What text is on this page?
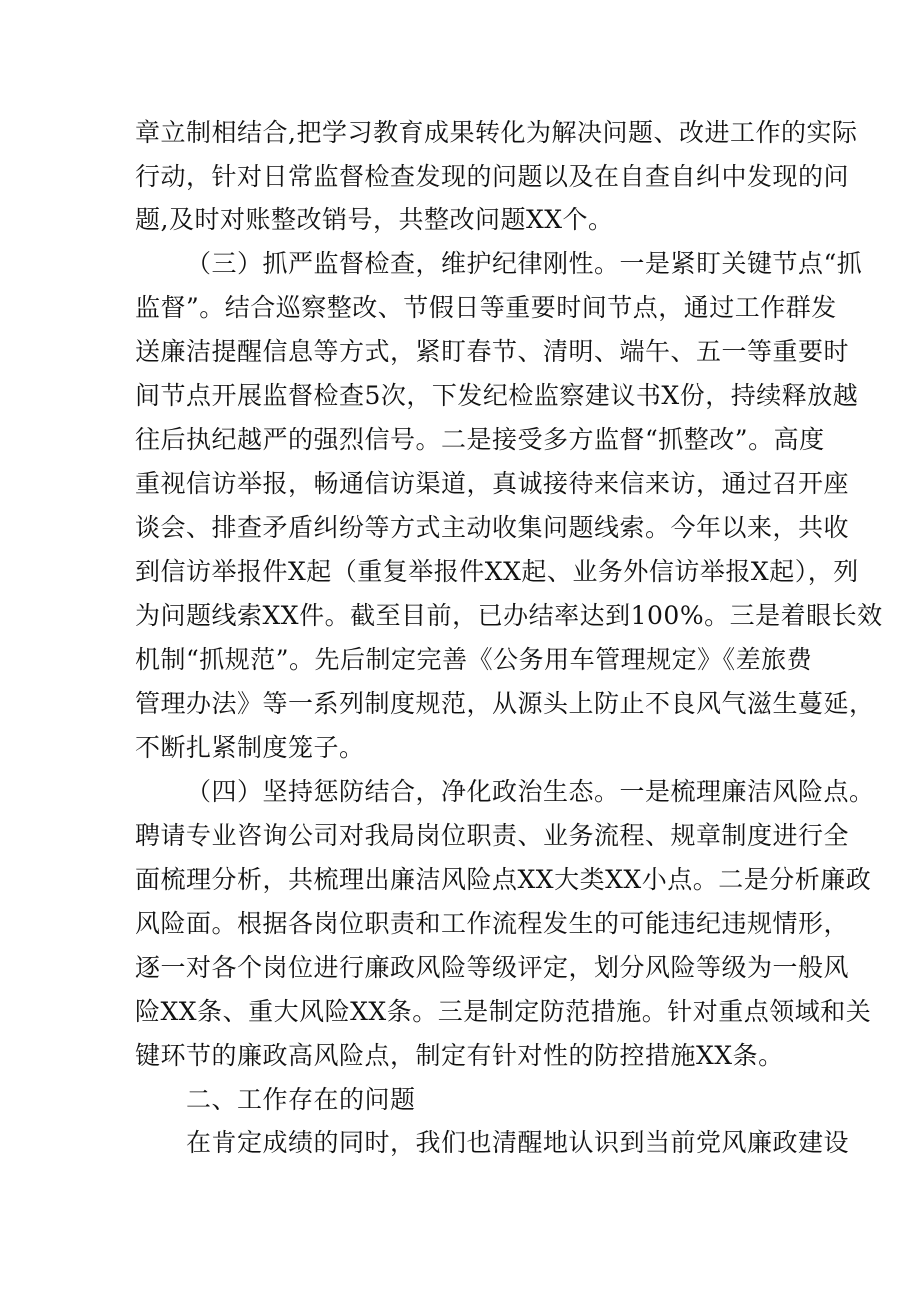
章立制相结合,把学习教育成果转化为解决问题、改进工作的实际
行动，针对日常监督检查发现的问题以及在自查自纠中发现的问
题,及时对账整改销号，共整改问题XX个。
（三）抓严监督检查，维护纪律刚性。一是紧盯关键节点“抓
监督”。结合巡察整改、节假日等重要时间节点，通过工作群发
送廉洁提醒信息等方式，紧盯春节、清明、端午、五一等重要时
间节点开展监督检查5次，下发纪检监察建议书X份，持续释放越
往后执纪越严的强烈信号。二是接受多方监督“抓整改”。高度
重视信访举报，畅通信访渠道，真诚接待来信来访，通过召开座
谈会、排查矛盾纠纷等方式主动收集问题线索。今年以来，共收
到信访举报件X起（重复举报件XX起、业务外信访举报X起），列
为问题线索XX件。截至目前，已办结率达到100%。三是着眼长效
机制“抓规范”。先后制定完善《公务用车管理规定》《差旅费
管理办法》等一系列制度规范，从源头上防止不良风气滋生蔓延，
不断扎紧制度笼子。
（四）坚持惩防结合，净化政治生态。一是梳理廉洁风险点。
聘请专业咨询公司对我局岗位职责、业务流程、规章制度进行全
面梳理分析，共梳理出廉洁风险点XX大类XX小点。二是分析廉政
风险面。根据各岗位职责和工作流程发生的可能违纪违规情形，
逐一对各个岗位进行廉政风险等级评定，划分风险等级为一般风
险XX条、重大风险XX条。三是制定防范措施。针对重点领域和关
键环节的廉政高风险点，制定有针对性的防控措施XX条。
二、工作存在的问题
在肯定成绩的同时，我们也清醒地认识到当前党风廉政建设
